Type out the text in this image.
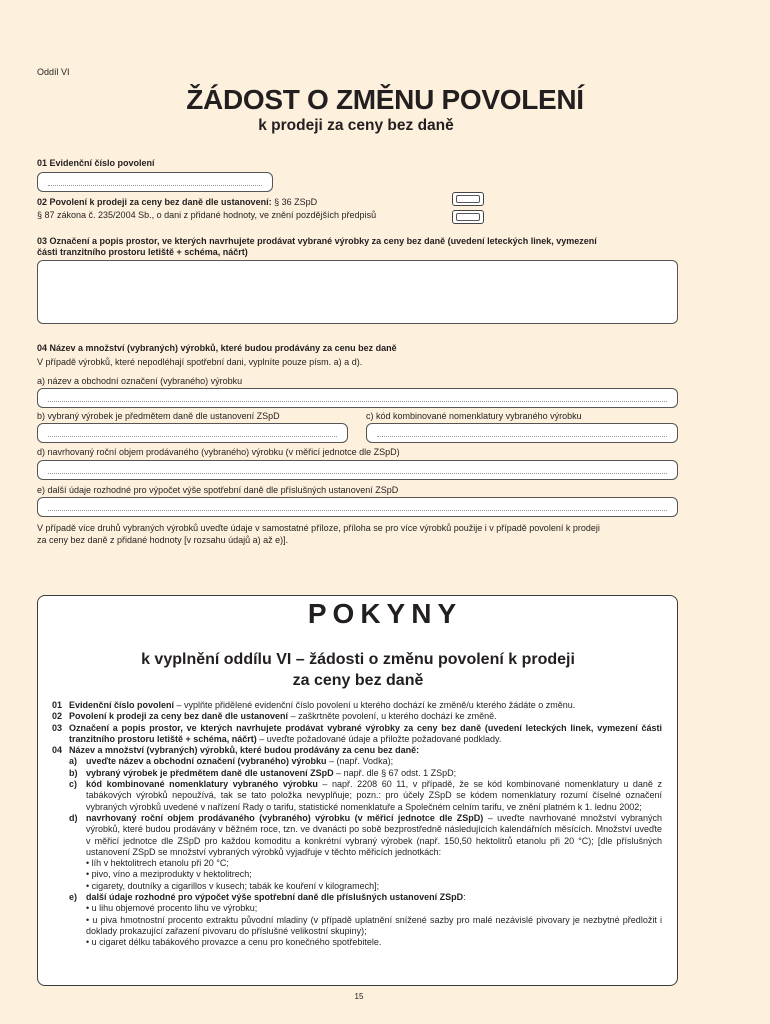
Oddíl VI
ŽÁDOST O ZMĚNU POVOLENÍ
k prodeji za ceny bez daně
01 Evidenční číslo povolení
02 Povolení k prodeji za ceny bez daně dle ustanovení: § 36 ZSpD
§ 87 zákona č. 235/2004 Sb., o dani z přidané hodnoty, ve znění pozdějších předpisů
03 Označení a popis prostor, ve kterých navrhujete prodávat vybrané výrobky za ceny bez daně (uvedení leteckých linek, vymezení
části tranzitního prostoru letiště + schéma, náčrt)
04 Název a množství (vybraných) výrobků, které budou prodávány za cenu bez daně
V případě výrobků, které nepodléhají spotřební dani, vyplníte pouze písm. a) a d).
a) název a obchodní označení (vybraného) výrobku
b) vybraný výrobek je předmětem daně dle ustanovení ZSpD	c) kód kombinované nomenklatury vybraného výrobku
d) navrhovaný roční objem prodávaného (vybraného) výrobku (v měřicí jednotce dle ZSpD)
e) další údaje rozhodné pro výpočet výše spotřební daně dle příslušných ustanovení ZSpD
V případě více druhů vybraných výrobků uveďte údaje v samostatné příloze, příloha se pro více výrobků použije i v případě povolení k prodeji
za ceny bez daně z přidané hodnoty [v rozsahu údajů a) až e)].
POKYNY
k vyplnění oddílu VI – žádosti o změnu povolení k prodeji
za ceny bez daně
01 Evidenční číslo povolení – vyplňte přidělené evidenční číslo povolení u kterého dochází ke změně/u kterého žádáte o změnu.
02 Povolení k prodeji za ceny bez daně dle ustanovení – zaškrtněte povolení, u kterého dochází ke změně.
03 Označení a popis prostor, ve kterých navrhujete prodávat vybrané výrobky za ceny bez daně (uvedení leteckých linek, vymezení části tranzitního prostoru letiště + schéma, náčrt) – uveďte požadované údaje a přiložte požadované podklady.
04 Název a množství (vybraných) výrobků, které budou prodávány za cenu bez daně:
a) uveďte název a obchodní označení (vybraného) výrobku – (např. Vodka);
b) vybraný výrobek je předmětem daně dle ustanovení ZSpD – např. dle § 67 odst. 1 ZSpD;
c) kód kombinované nomenklatury vybraného výrobku – např. 2208 60 11, v případě, že se kód kombinované nomenklatury u daně z tabákových výrobků nepoužívá, tak se tato položka nevyplňuje; pozn.: pro účely ZSpD se kódem nomenklatury rozumí číselné označení vybraných výrobků uvedené v nařízení Rady o tarifu, statistické nomenklatuře a Společném celním tarifu, ve znění platném k 1. lednu 2002;
d) navrhovaný roční objem prodávaného (vybraného) výrobku (v měřicí jednotce dle ZSpD) – uveďte navrhované množství vybraných výrobků, které budou prodávány v běžném roce, tzn. ve dvanácti po sobě bezprostředně následujících kalendářních měsících. Množství uveďte v měřicí jednotce dle ZSpD pro každou komoditu a konkrétní vybraný výrobek (např. 150,50 hektolitrů etanolu při 20 °C); [dle příslušných ustanovení ZSpD se množství vybraných výrobků vyjadřuje v těchto měřicích jednotkách:
• líh v hektolitrech etanolu při 20 °C;
• pivo, víno a meziprodukty v hektolitrech;
• cigarety, doutníky a cigarillos v kusech; tabák ke kouření v kilogramech];
e) další údaje rozhodné pro výpočet výše spotřební daně dle příslušných ustanovení ZSpD:
• u lihu objemové procento lihu ve výrobku;
• u piva hmotnostní procento extraktu původní mladiny (v případě uplatnění snížené sazby pro malé nezávislé pivovary je nezbytné předložit i doklady prokazující zařazení pivovaru do příslušné velikostní skupiny);
• u cigaret délku tabákového provazce a cenu pro konečného spotřebitele.
15
